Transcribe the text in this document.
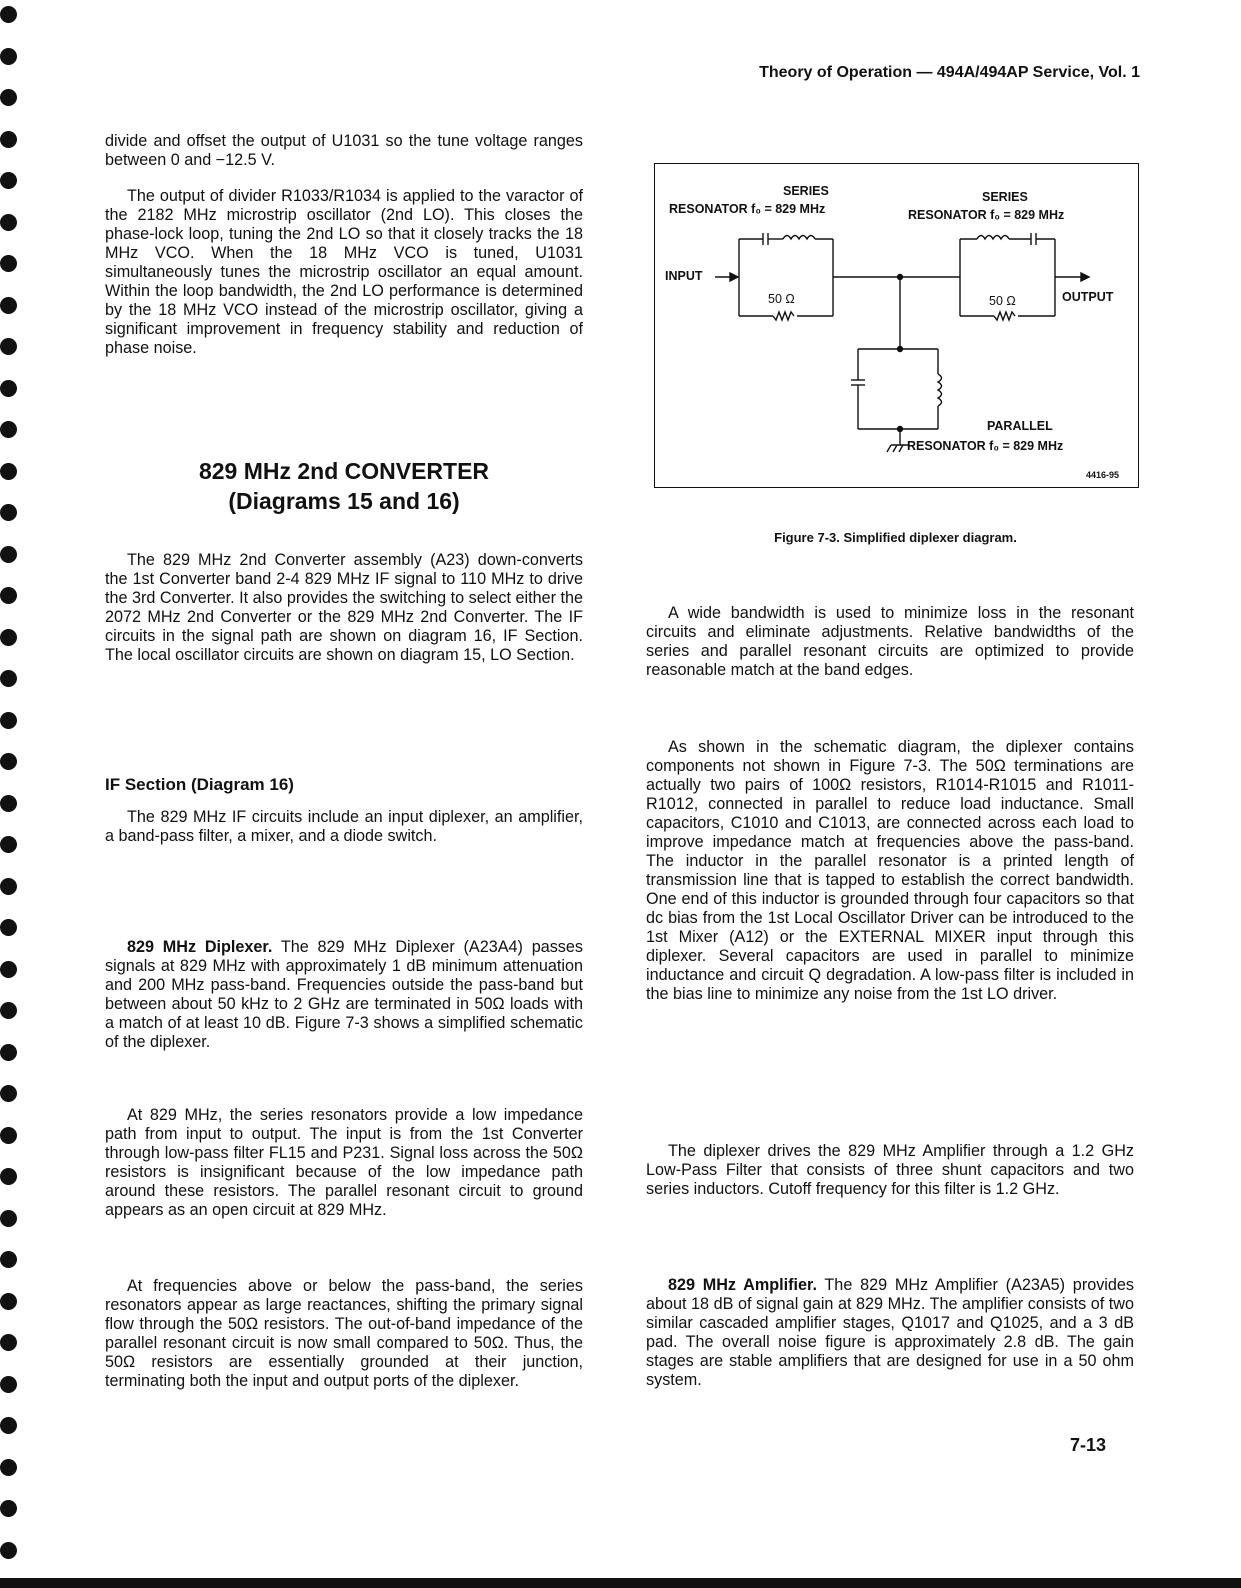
Theory of Operation — 494A/494AP Service, Vol. 1

divide and offset the output of U1031 so the tune voltage ranges between 0 and −12.5 V.

The output of divider R1033/R1034 is applied to the varactor of the 2182 MHz microstrip oscillator (2nd LO). This closes the phase-lock loop, tuning the 2nd LO so that it closely tracks the 18 MHz VCO. When the 18 MHz VCO is tuned, U1031 simultaneously tunes the microstrip oscillator an equal amount. Within the loop bandwidth, the 2nd LO performance is determined by the 18 MHz VCO instead of the microstrip oscillator, giving a significant improvement in frequency stability and reduction of phase noise.

829 MHz 2nd CONVERTER
(Diagrams 15 and 16)

The 829 MHz 2nd Converter assembly (A23) down-converts the 1st Converter band 2-4 829 MHz IF signal to 110 MHz to drive the 3rd Converter. It also provides the switching to select either the 2072 MHz 2nd Converter or the 829 MHz 2nd Converter. The IF circuits in the signal path are shown on diagram 16, IF Section. The local oscillator circuits are shown on diagram 15, LO Section.

IF Section (Diagram 16)

The 829 MHz IF circuits include an input diplexer, an amplifier, a band-pass filter, a mixer, and a diode switch.

829 MHz Diplexer. The 829 MHz Diplexer (A23A4) passes signals at 829 MHz with approximately 1 dB minimum attenuation and 200 MHz pass-band. Frequencies outside the pass-band but between about 50 kHz to 2 GHz are terminated in 50Ω loads with a match of at least 10 dB. Figure 7-3 shows a simplified schematic of the diplexer.

At 829 MHz, the series resonators provide a low impedance path from input to output. The input is from the 1st Converter through low-pass filter FL15 and P231. Signal loss across the 50Ω resistors is insignificant because of the low impedance path around these resistors. The parallel resonant circuit to ground appears as an open circuit at 829 MHz.

At frequencies above or below the pass-band, the series resonators appear as large reactances, shifting the primary signal flow through the 50Ω resistors. The out-of-band impedance of the parallel resonant circuit is now small compared to 50Ω. Thus, the 50Ω resistors are essentially grounded at their junction, terminating both the input and output ports of the diplexer.

SERIES
RESONATOR f₀ = 829 MHz
SERIES
RESONATOR f₀ = 829 MHz
INPUT
OUTPUT
50 Ω	50 Ω
PARALLEL
RESONATOR f₀ = 829 MHz
4416-95
Figure 7-3. Simplified diplexer diagram.

A wide bandwidth is used to minimize loss in the resonant circuits and eliminate adjustments. Relative bandwidths of the series and parallel resonant circuits are optimized to provide reasonable match at the band edges.

As shown in the schematic diagram, the diplexer contains components not shown in Figure 7-3. The 50Ω terminations are actually two pairs of 100Ω resistors, R1014-R1015 and R1011-R1012, connected in parallel to reduce load inductance. Small capacitors, C1010 and C1013, are connected across each load to improve impedance match at frequencies above the pass-band. The inductor in the parallel resonator is a printed length of transmission line that is tapped to establish the correct bandwidth. One end of this inductor is grounded through four capacitors so that dc bias from the 1st Local Oscillator Driver can be introduced to the 1st Mixer (A12) or the EXTERNAL MIXER input through this diplexer. Several capacitors are used in parallel to minimize inductance and circuit Q degradation. A low-pass filter is included in the bias line to minimize any noise from the 1st LO driver.

The diplexer drives the 829 MHz Amplifier through a 1.2 GHz Low-Pass Filter that consists of three shunt capacitors and two series inductors. Cutoff frequency for this filter is 1.2 GHz.

829 MHz Amplifier. The 829 MHz Amplifier (A23A5) provides about 18 dB of signal gain at 829 MHz. The amplifier consists of two similar cascaded amplifier stages, Q1017 and Q1025, and a 3 dB pad. The overall noise figure is approximately 2.8 dB. The gain stages are stable amplifiers that are designed for use in a 50 ohm system.

7-13
